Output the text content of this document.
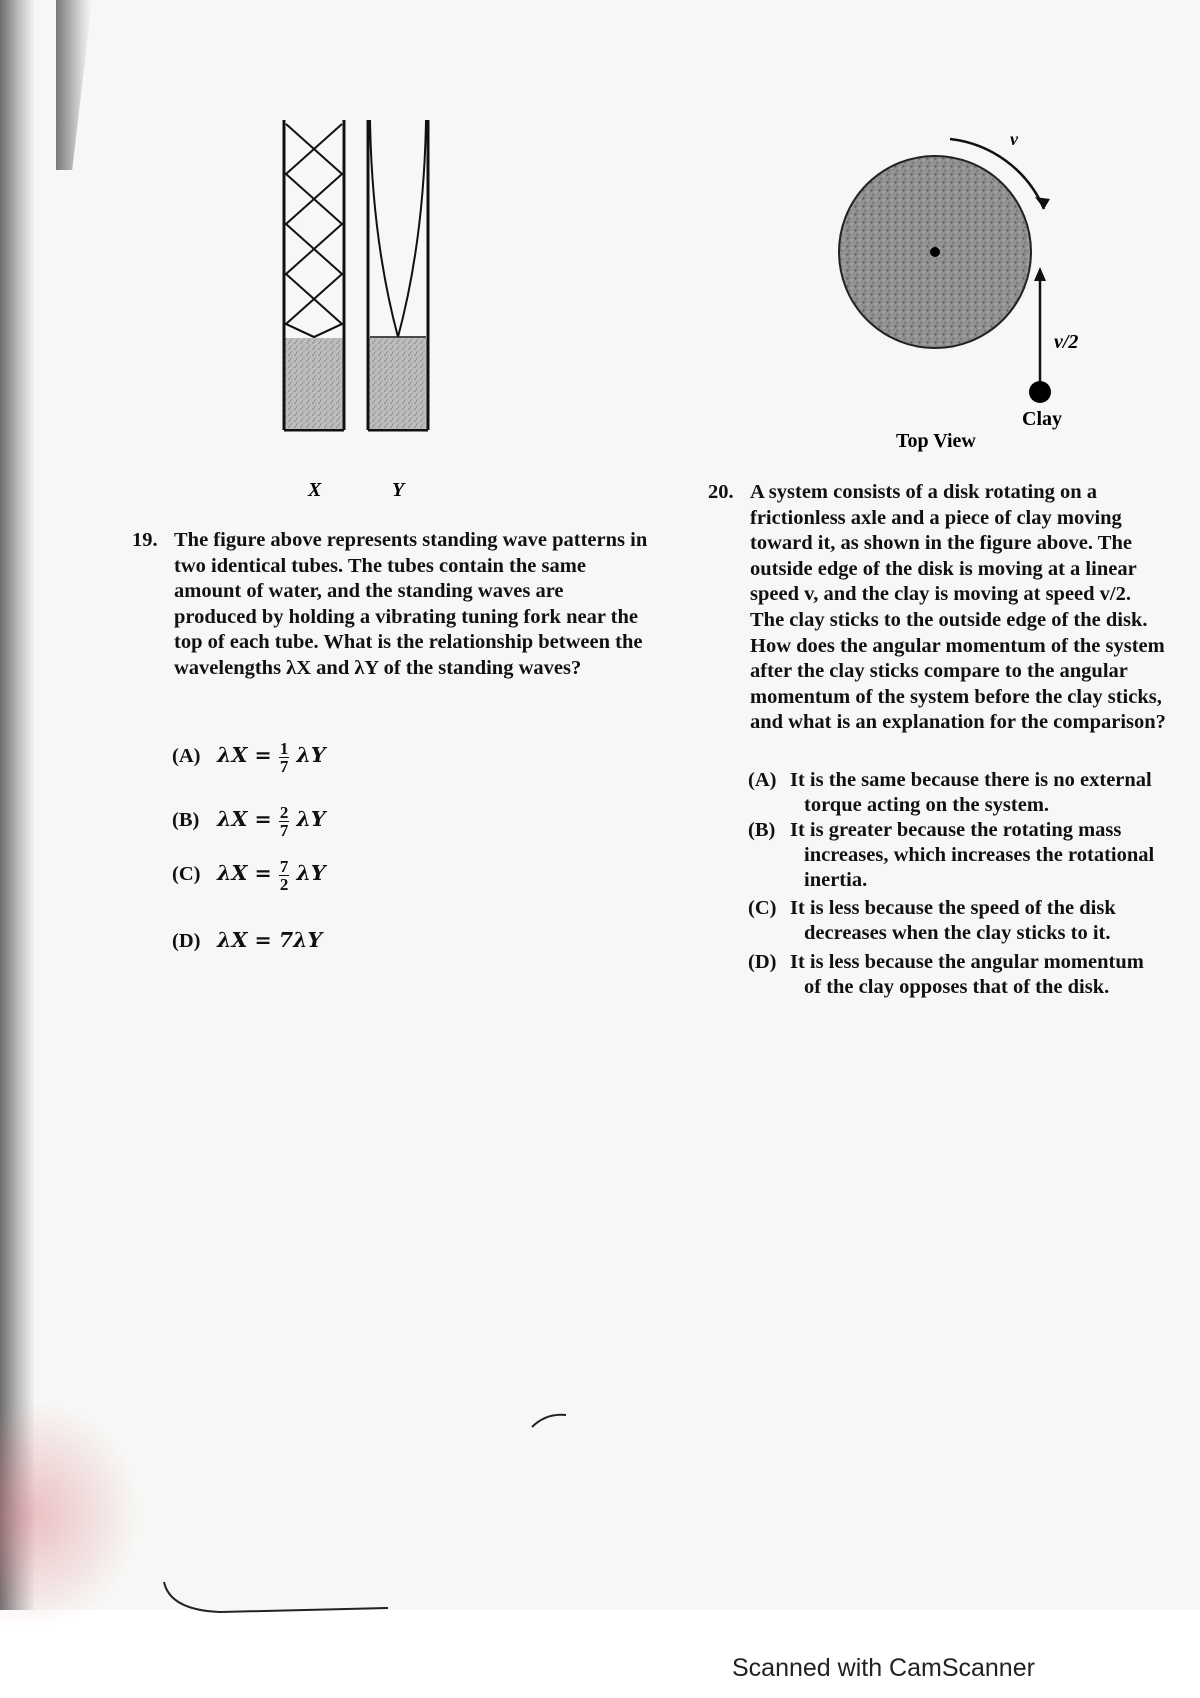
X	Y
19. The figure above represents standing wave patterns in two identical tubes. The tubes contain the same amount of water, and the standing waves are produced by holding a vibrating tuning fork near the top of each tube. What is the relationship between the wavelengths λX and λY of the standing waves?
(A) $\lambda X = \frac{1}{7}$ λY
(B) $\lambda X = \frac{2}{7}$ λY
(C) $\lambda X = \frac{7}{2}$ λY
(D) λX = 7λY
v
v/2
Clay
Top View
20. A system consists of a disk rotating on a
frictionless axle and a piece of clay moving
toward it, as shown in the figure above. The
outside edge of the disk is moving at a linear
speed v, and the clay is moving at speed v/2.
The clay sticks to the outside edge of the disk.
How does the angular momentum of the system
after the clay sticks compare to the angular
momentum of the system before the clay sticks,
and what is an explanation for the comparison?
(A) It is the same because there is no external
torque acting on the system.
(B) It is greater because the rotating mass
increases, which increases the rotational
inertia.
(C) It is less because the speed of the disk
decreases when the clay sticks to it.
(D) It is less because the angular momentum
of the clay opposes that of the disk.
Scanned with CamScanner
